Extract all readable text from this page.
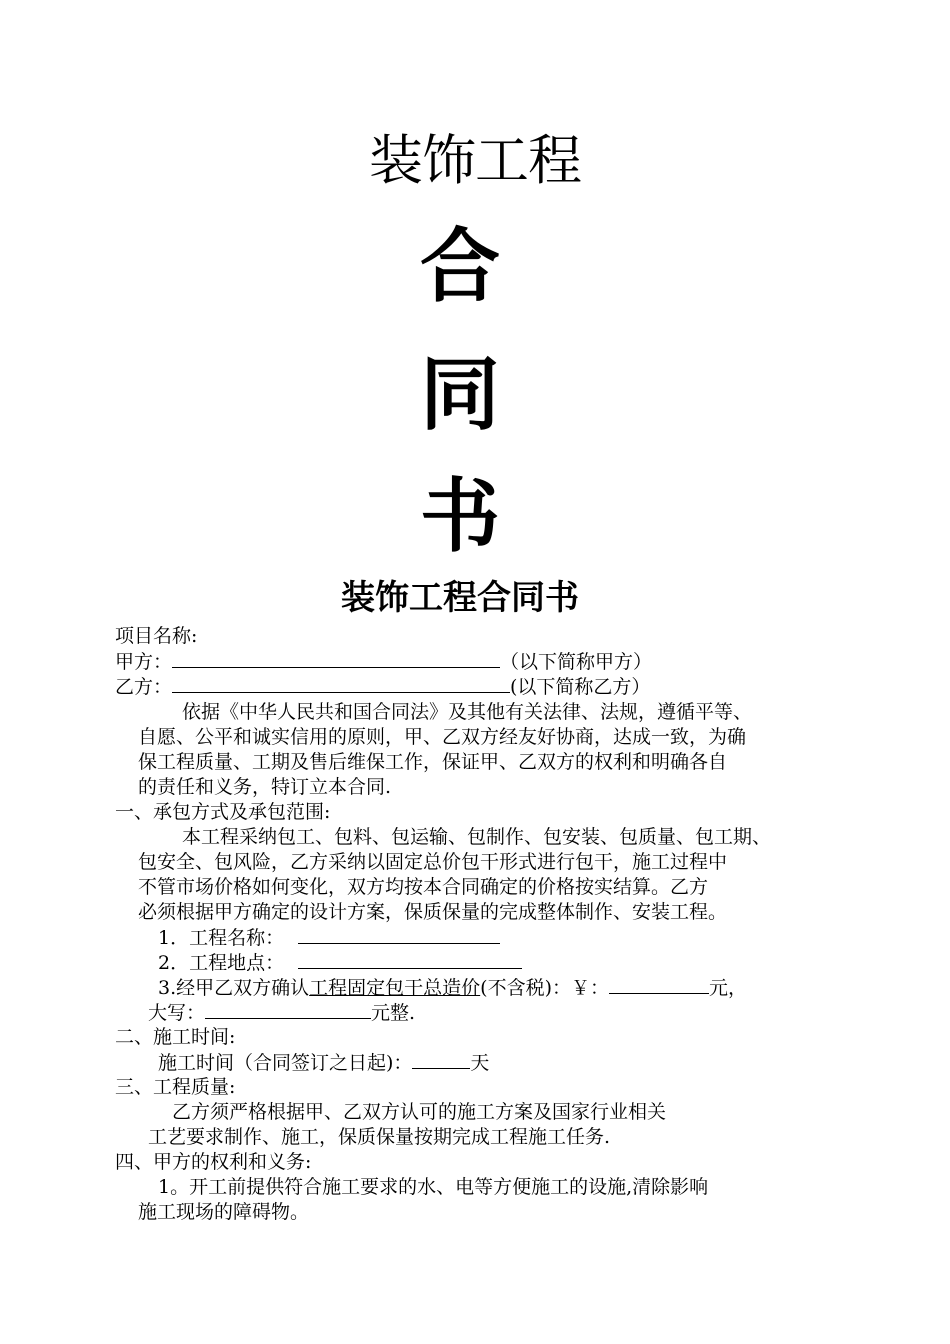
装饰工程
合
同
书
装饰工程合同书
项目名称:
甲方：	（以下简称甲方）
乙方：	(以下简称乙方）
依据《中华人民共和国合同法》及其他有关法律、法规，遵循平等、
自愿、公平和诚实信用的原则，甲、乙双方经友好协商，达成一致，为确
保工程质量、工期及售后维保工作，保证甲、乙双方的权利和明确各自
的责任和义务，特订立本合同.
一、承包方式及承包范围:
本工程采纳包工、包料、包运输、包制作、包安装、包质量、包工期、
包安全、包风险，乙方采纳以固定总价包干形式进行包干，施工过程中
不管市场价格如何变化，双方均按本合同确定的价格按实结算。乙方
必须根据甲方确定的设计方案，保质保量的完成整体制作、安装工程。
1．工程名称：
2．工程地点：
3.经甲乙双方确认工程固定包干总造价(不含税)：￥：	元，
大写：	元整.
二、施工时间:
施工时间（合同签订之日起)：	天
三、工程质量:
乙方须严格根据甲、乙双方认可的施工方案及国家行业相关
工艺要求制作、施工，保质保量按期完成工程施工任务.
四、甲方的权利和义务:
1。开工前提供符合施工要求的水、电等方便施工的设施,清除影响
施工现场的障碍物。
